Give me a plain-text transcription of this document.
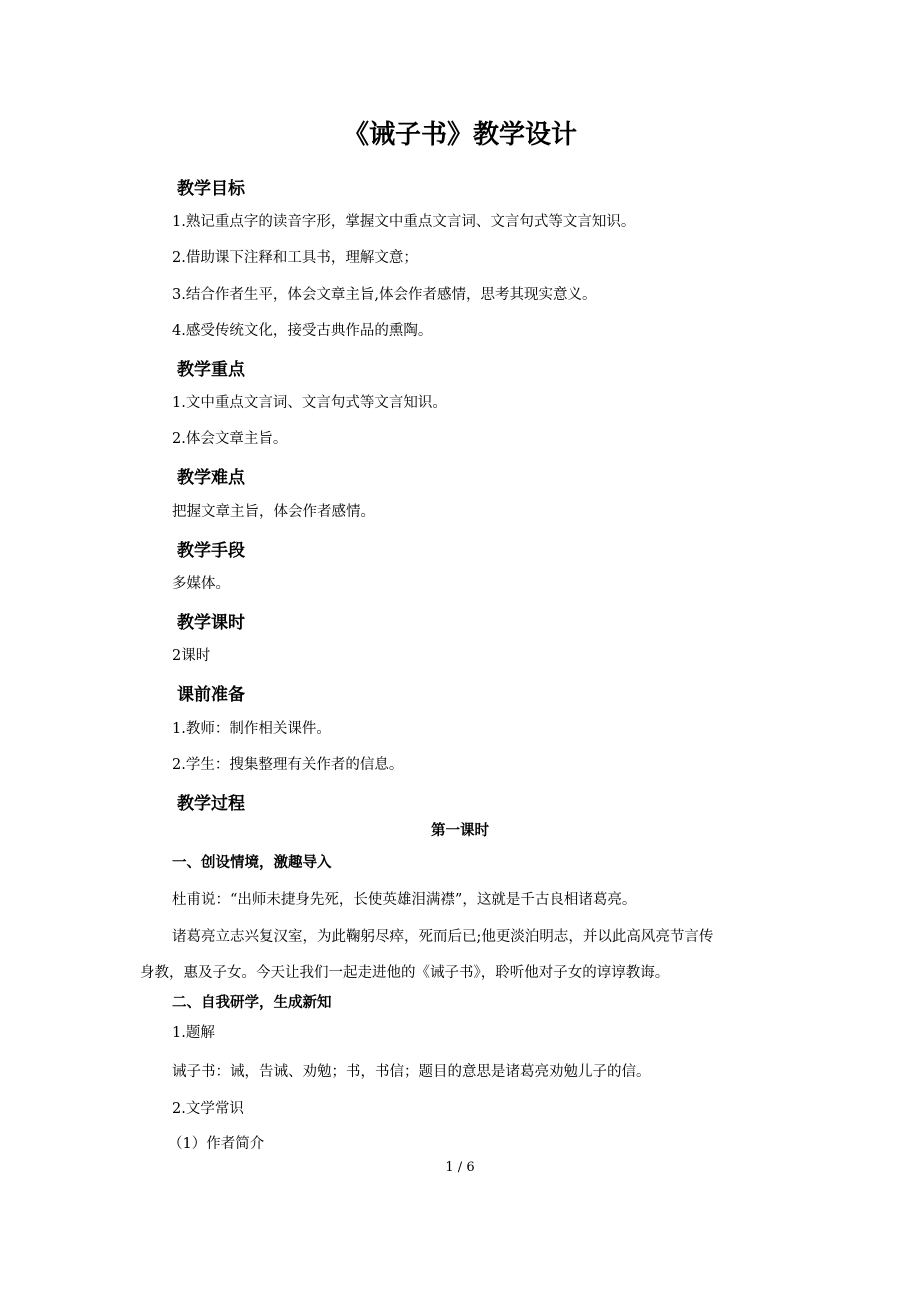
《诫子书》教学设计
教学目标
1.熟记重点字的读音字形，掌握文中重点文言词、文言句式等文言知识。
2.借助课下注释和工具书，理解文意；
3.结合作者生平，体会文章主旨,体会作者感情，思考其现实意义。
4.感受传统文化，接受古典作品的熏陶。
教学重点
1.文中重点文言词、文言句式等文言知识。
2.体会文章主旨。
教学难点
把握文章主旨，体会作者感情。
教学手段
多媒体。
教学课时
2课时
课前准备
1.教师：制作相关课件。
2.学生：搜集整理有关作者的信息。
教学过程
第一课时
一、创设情境，激趣导入
杜甫说：“出师未捷身先死，长使英雄泪满襟”，这就是千古良相诸葛亮。
诸葛亮立志兴复汉室，为此鞠躬尽瘁，死而后已;他更淡泊明志，并以此高风亮节言传
身教，惠及子女。今天让我们一起走进他的《诫子书》，聆听他对子女的谆谆教诲。
二、自我研学，生成新知
1.题解
诫子书：诫，告诫、劝勉；书，书信；题目的意思是诸葛亮劝勉儿子的信。
2.文学常识
（1）作者简介
1 / 6
